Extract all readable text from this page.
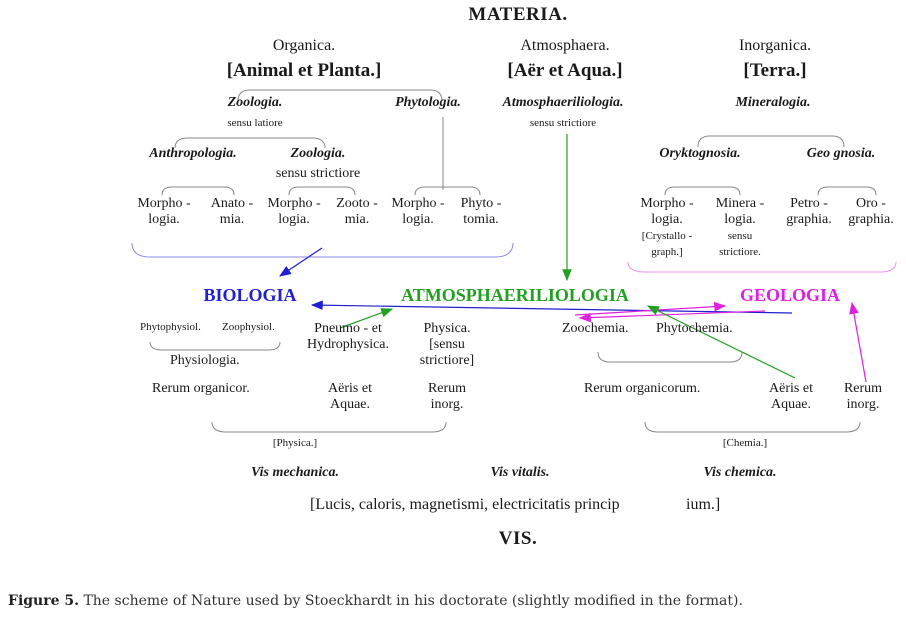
MATERIA.
Organica.
[Animal et Planta.]
Atmosphaera.
[Aër et Aqua.]
Inorganica.
[Terra.]
Zoologia.
sensu latiore
Phytologia.	Atmosphaeriliologia.
sensu strictiore
Mineralogia.
Anthropologia.	Zoologia.
sensu strictiore
Oryktognosia.	Geo gnosia.
Morpho -
logia.
Anato -
mia.
Morpho -
logia.
Zooto -
mia.
Morpho -
logia.
Phyto -
tomia.
Morpho -
logia.
[Crystallo -
graph.]
Minera -
logia.
sensu
strictiore.
Petro -
graphia.
Oro -
graphia.
BIOLOGIA	ATMOSPHAERILIOLOGIA	GEOLOGIA
Phytophysiol. Zoophysiol.
Physiologia.
Pneumo - et
Hydrophysica.
Physica.
[sensu
strictiore]
Zoochemia. Phytochemia.
Rerum organicor.	Aëris et
Aquae.
Rerum
inorg.
Rerum organicorum.	Aëris et
Aquae.
Rerum
inorg.
[Physica.]	[Chemia.]
Vis mechanica.	Vis vitalis.	Vis chemica.
[Lucis, caloris, magnetismi, electricitatis princip	ium.]
VIS.
Figure 5. The scheme of Nature used by Stoeckhardt in his doctorate (slightly modified in the format).
